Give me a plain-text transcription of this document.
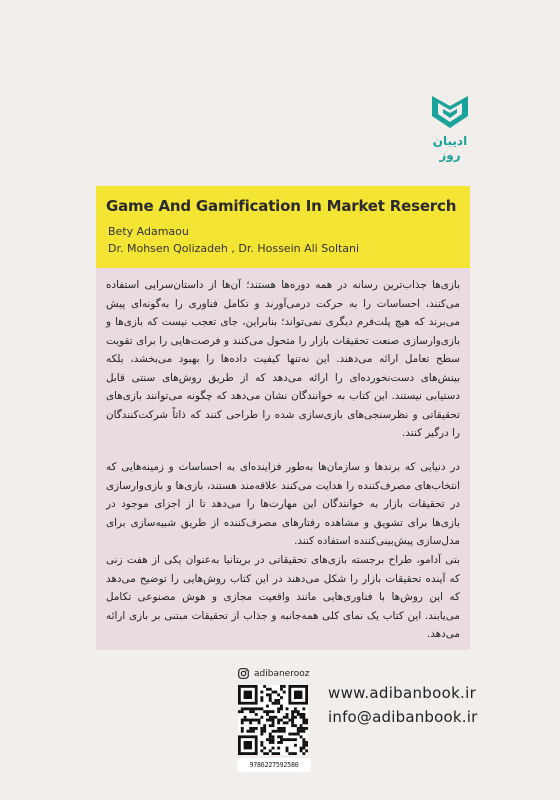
ادیبان روز
Game And Gamification In Market Reserch
Bety Adamaou
Dr. Mohsen Qolizadeh , Dr. Hossein Ali Soltani

بازی‌ها جذاب‌ترین رسانه در همه دوره‌ها هستند؛ آن‌ها از داستان‌سرایی استفاده می‌کنند، احساسات را به حرکت درمی‌آورند و تکامل فناوری را به‌گونه‌ای پیش می‌برند که هیچ پلت‌فرم دیگری نمی‌تواند؛ بنابراین، جای تعجب نیست که بازی‌ها و بازی‌وارسازی صنعت تحقیقات بازار را متحول می‌کنند و فرصت‌هایی را برای تقویت سطح تعامل ارائه می‌دهند. این نه‌تنها کیفیت داده‌ها را بهبود می‌بخشد، بلکه بینش‌های دست‌نخورده‌ای را ارائه می‌دهد که از طریق روش‌های سنتی قابل دستیابی نیستند. این کتاب به خوانندگان نشان می‌دهد که چگونه می‌توانند بازی‌های تحقیقاتی و نظرسنجی‌های بازی‌سازی شده را طراحی کنند که ذاتاً شرکت‌کنندگان را درگیر کنند.

در دنیایی که برندها و سازمان‌ها به‌طور فزاینده‌ای به احساسات و زمینه‌هایی که انتخاب‌های مصرف‌کننده را هدایت می‌کنند علاقه‌مند هستند، بازی‌ها و بازی‌وارسازی در تحقیقات بازار به خوانندگان این مهارت‌ها را می‌دهد تا از اجزای موجود در بازی‌ها برای تشویق و مشاهده رفتارهای مصرف‌کننده از طریق شبیه‌سازی برای مدل‌سازی پیش‌بینی‌کننده استفاده کنند.

بتی آدامو، طراح برجسته بازی‌های تحقیقاتی در بریتانیا به‌عنوان یکی از هفت زنی که آینده تحقیقات بازار را شکل می‌دهند در این کتاب روش‌هایی را توضیح می‌دهد که این روش‌ها با فناوری‌هایی مانند واقعیت مجازی و هوش مصنوعی تکامل می‌یابند. این کتاب یک نمای کلی همه‌جانبه و جذاب از تحقیقات مبتنی بر بازی ارائه می‌دهد.

adibanerooz
9786227592580
www.adibanbook.ir
info@adibanbook.ir
